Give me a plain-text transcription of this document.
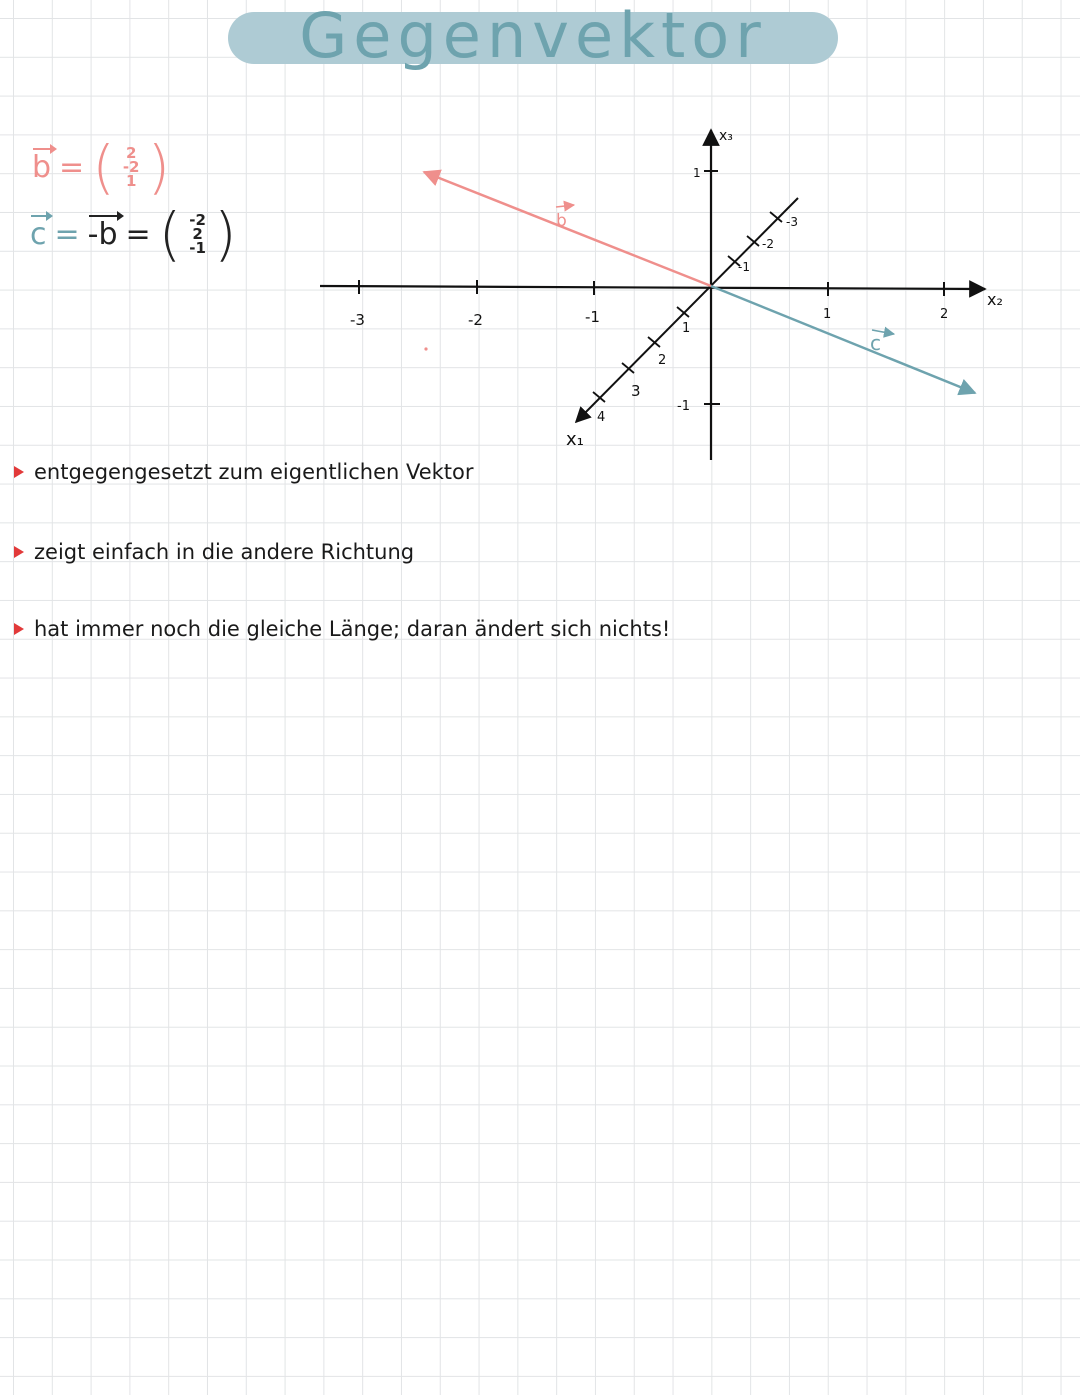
Gegenvektor
b = ( 2
-2
1 )
c = -b = ( -2
2
-1 )
-3	-2	-1	1	2
x₂
1
-1
x₃
-3
-2
-1
1
2
3
4
x₁
b
c
entgegengesetzt zum eigentlichen Vektor
zeigt einfach in die andere Richtung
hat immer noch die gleiche Länge; daran ändert sich nichts!
